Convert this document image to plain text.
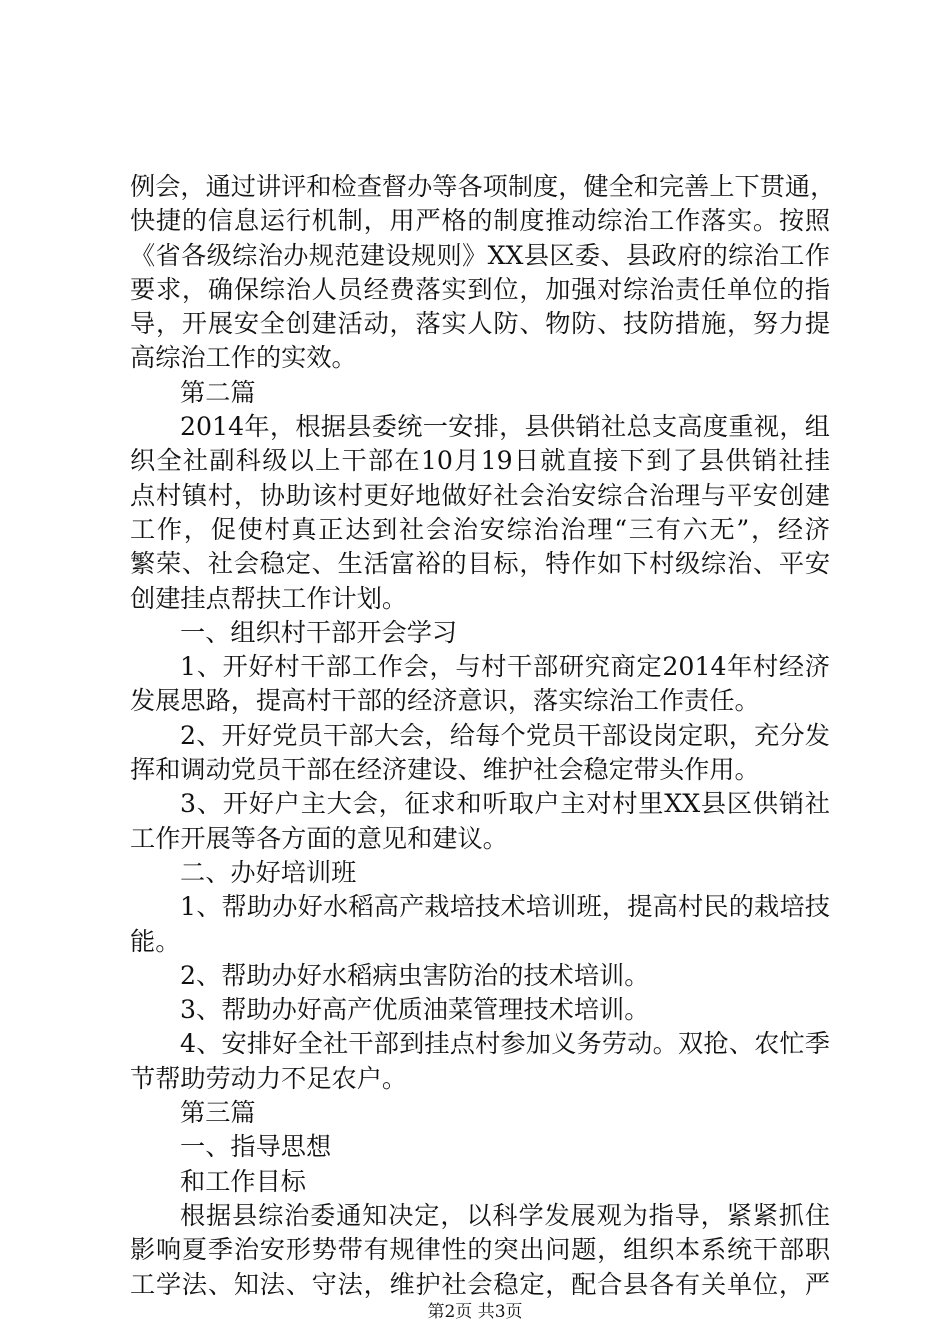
例会，通过讲评和检查督办等各项制度，健全和完善上下贯通，
快捷的信息运行机制，用严格的制度推动综治工作落实。按照
《省各级综治办规范建设规则》XX县区委、县政府的综治工作
要求，确保综治人员经费落实到位，加强对综治责任单位的指
导，开展安全创建活动，落实人防、物防、技防措施，努力提
高综治工作的实效。
第二篇
2014年，根据县委统一安排，县供销社总支高度重视，组
织全社副科级以上干部在10月19日就直接下到了县供销社挂
点村镇村，协助该村更好地做好社会治安综合治理与平安创建
工作，促使村真正达到社会治安综治治理“三有六无”，经济
繁荣、社会稳定、生活富裕的目标，特作如下村级综治、平安
创建挂点帮扶工作计划。
一、组织村干部开会学习
1、开好村干部工作会，与村干部研究商定2014年村经济
发展思路，提高村干部的经济意识，落实综治工作责任。
2、开好党员干部大会，给每个党员干部设岗定职，充分发
挥和调动党员干部在经济建设、维护社会稳定带头作用。
3、开好户主大会，征求和听取户主对村里XX县区供销社
工作开展等各方面的意见和建议。
二、办好培训班
1、帮助办好水稻高产栽培技术培训班，提高村民的栽培技
能。
2、帮助办好水稻病虫害防治的技术培训。
3、帮助办好高产优质油菜管理技术培训。
4、安排好全社干部到挂点村参加义务劳动。双抢、农忙季
节帮助劳动力不足农户。
第三篇
一、指导思想
和工作目标
根据县综治委通知决定，以科学发展观为指导，紧紧抓住
影响夏季治安形势带有规律性的突出问题，组织本系统干部职
工学法、知法、守法，维护社会稳定，配合县各有关单位，严
第2页 共3页
